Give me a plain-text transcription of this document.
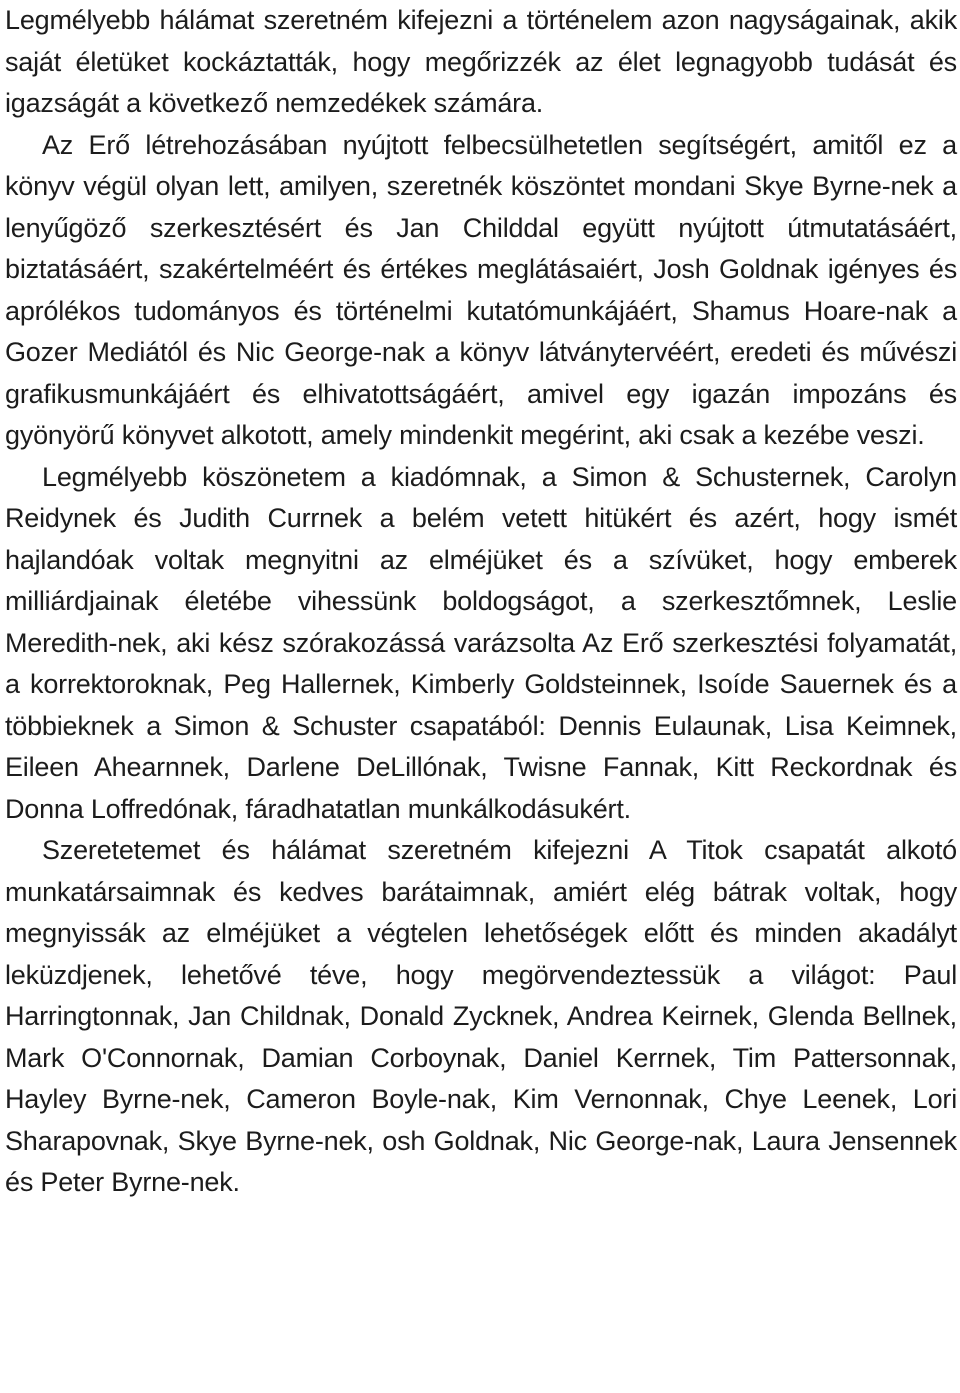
Legmélyebb hálámat szeretném kifejezni a történelem azon nagyságainak, akik saját életüket kockáztatták, hogy megőrizzék az élet legnagyobb tudását és igazságát a következő nemzedékek számára.

Az Erő létrehozásában nyújtott felbecsülhetetlen segítségért, amitől ez a könyv végül olyan lett, amilyen, szeretnék köszöntet mondani Skye Byrne-nek a lenyűgöző szerkesztésért és Jan Childdal együtt nyújtott útmutatásáért, biztatásáért, szakértelméért és értékes meglátásaiért, Josh Goldnak igényes és aprólékos tudományos és történelmi kutatómunkájáért, Shamus Hoare-nak a Gozer Mediától és Nic George-nak a könyv látványtervéért, eredeti és művészi grafikusmunkájáért és elhivatottságáért, amivel egy igazán impozáns és gyönyörű könyvet alkotott, amely mindenkit megérint, aki csak a kezébe veszi.

Legmélyebb köszönetem a kiadómnak, a Simon & Schusternek, Carolyn Reidynek és Judith Currnek a belém vetett hitükért és azért, hogy ismét hajlandóak voltak megnyitni az elméjüket és a szívüket, hogy emberek milliárdjainak életébe vihessünk boldogságot, a szerkesztőmnek, Leslie Meredith-nek, aki kész szórakozássá varázsolta Az Erő szerkesztési folyamatát, a korrektoroknak, Peg Hallernek, Kimberly Goldsteinnek, Isoíde Sauernek és a többieknek a Simon & Schuster csapatából: Dennis Eulaunak, Lisa Keimnek, Eileen Ahearnnek, Darlene DeLillónak, Twisne Fannak, Kitt Reckordnak és Donna Loffredónak, fáradhatatlan munkálkodásukért.

Szeretetemet és hálámat szeretném kifejezni A Titok csapatát alkotó munkatársaimnak és kedves barátaimnak, amiért elég bátrak voltak, hogy megnyissák az elméjüket a végtelen lehetőségek előtt és minden akadályt leküzdjenek, lehetővé téve, hogy megörvendeztessük a világot: Paul Harringtonnak, Jan Childnak, Donald Zycknek, Andrea Keirnek, Glenda Bellnek, Mark O'Connornak, Damian Corboynak, Daniel Kerrnek, Tim Pattersonnak, Hayley Byrne-nek, Cameron Boyle-nak, Kim Vernonnak, Chye Leenek, Lori Sharapovnak, Skye Byrne-nek, osh Goldnak, Nic George-nak, Laura Jensennek és Peter Byrne-nek.
